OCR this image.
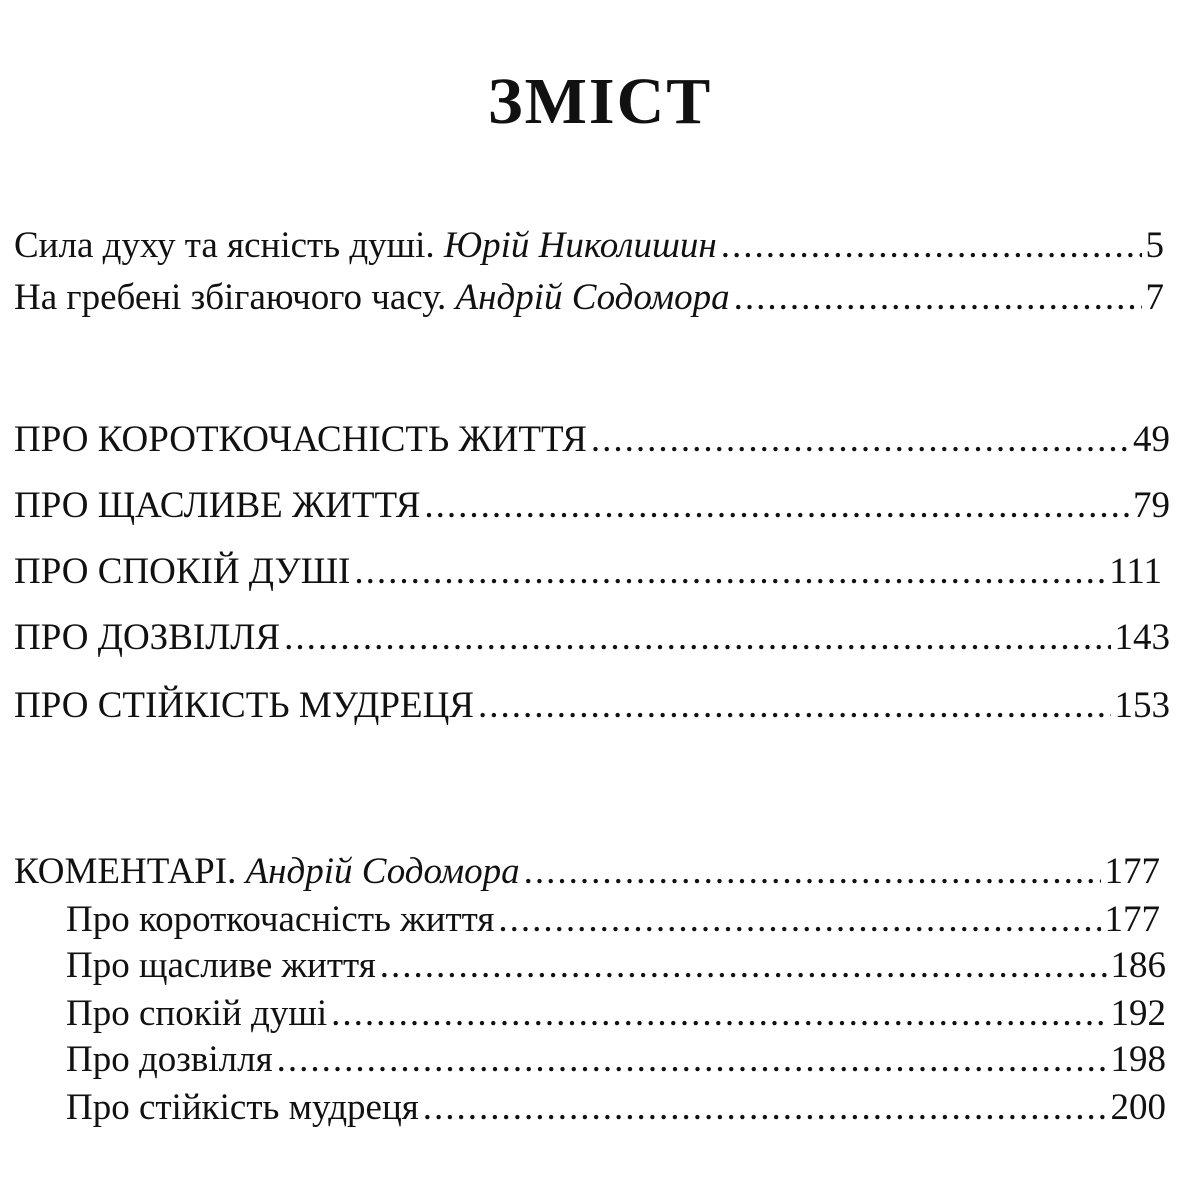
ЗМІСТ
Сила духу та ясність душі. Юрій Николишин .....	5
На гребені збігаючого часу. Андрій Содомора .....	7
ПРО КОРОТКОЧАСНІСТЬ ЖИТТЯ .....	49
ПРО ЩАСЛИВЕ ЖИТТЯ .....	79
ПРО СПОКІЙ ДУШІ .....	111
ПРО ДОЗВІЛЛЯ .....	143
ПРО СТІЙКІСТЬ МУДРЕЦЯ .....	153
КОМЕНТАРІ. Андрій Содомора .....	177
Про короткочасність життя .....	177
Про щасливе життя .....	186
Про спокій душі .....	192
Про дозвілля .....	198
Про стійкість мудреця .....	200
